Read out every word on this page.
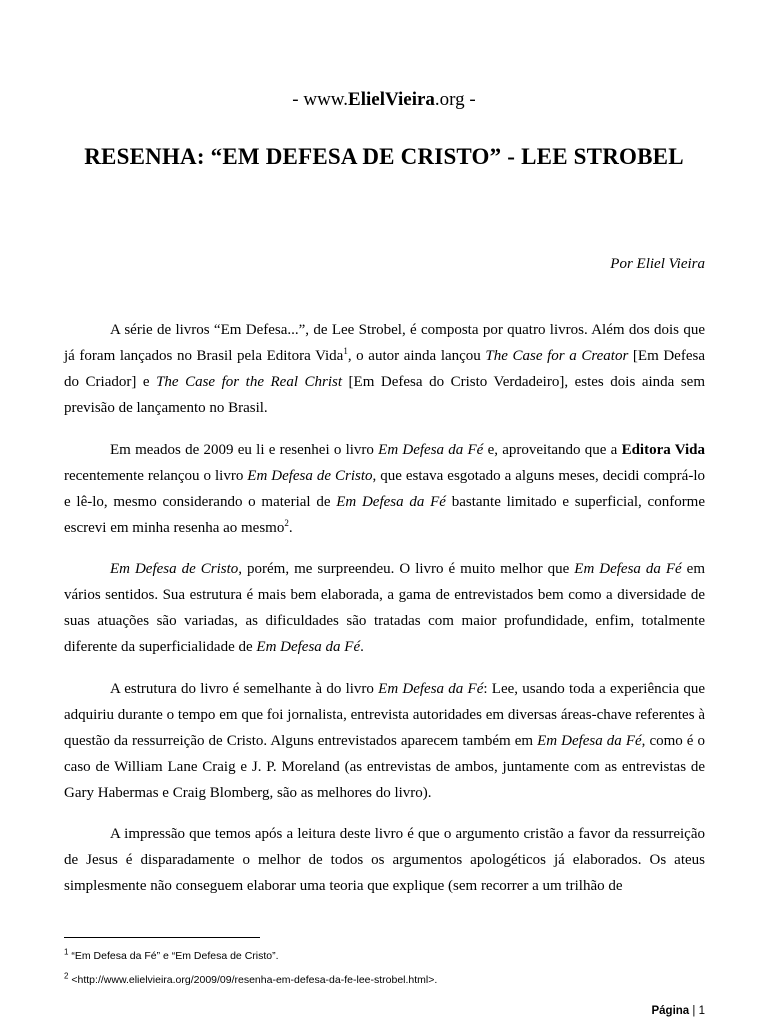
- www.ElielVieira.org -
RESENHA: “EM DEFESA DE CRISTO” - LEE STROBEL
Por Eliel Vieira

A série de livros “Em Defesa...”, de Lee Strobel, é composta por quatro livros. Além dos dois que já foram lançados no Brasil pela Editora Vida$^1$, o autor ainda lançou The Case for a Creator [Em Defesa do Criador] e The Case for the Real Christ [Em Defesa do Cristo Verdadeiro], estes dois ainda sem previsão de lançamento no Brasil.

Em meados de 2009 eu li e resenhei o livro Em Defesa da Fé e, aproveitando que a Editora Vida recentemente relançou o livro Em Defesa de Cristo, que estava esgotado a alguns meses, decidi comprá-lo e lê-lo, mesmo considerando o material de Em Defesa da Fé bastante limitado e superficial, conforme escrevi em minha resenha ao mesmo$^2$.

Em Defesa de Cristo, porém, me surpreendeu. O livro é muito melhor que Em Defesa da Fé em vários sentidos. Sua estrutura é mais bem elaborada, a gama de entrevistados bem como a diversidade de suas atuações são variadas, as dificuldades são tratadas com maior profundidade, enfim, totalmente diferente da superficialidade de Em Defesa da Fé.

A estrutura do livro é semelhante à do livro Em Defesa da Fé: Lee, usando toda a experiência que adquiriu durante o tempo em que foi jornalista, entrevista autoridades em diversas áreas-chave referentes à questão da ressurreição de Cristo. Alguns entrevistados aparecem também em Em Defesa da Fé, como é o caso de William Lane Craig e J. P. Moreland (as entrevistas de ambos, juntamente com as entrevistas de Gary Habermas e Craig Blomberg, são as melhores do livro).

A impressão que temos após a leitura deste livro é que o argumento cristão a favor da ressurreição de Jesus é disparadamente o melhor de todos os argumentos apologéticos já elaborados. Os ateus simplesmente não conseguem elaborar uma teoria que explique (sem recorrer a um trilhão de

$^1$ “Em Defesa da Fé” e “Em Defesa de Cristo”.
$^2$ <http://www.elielvieira.org/2009/09/resenha-em-defesa-da-fe-lee-strobel.html>.
Página | 1
